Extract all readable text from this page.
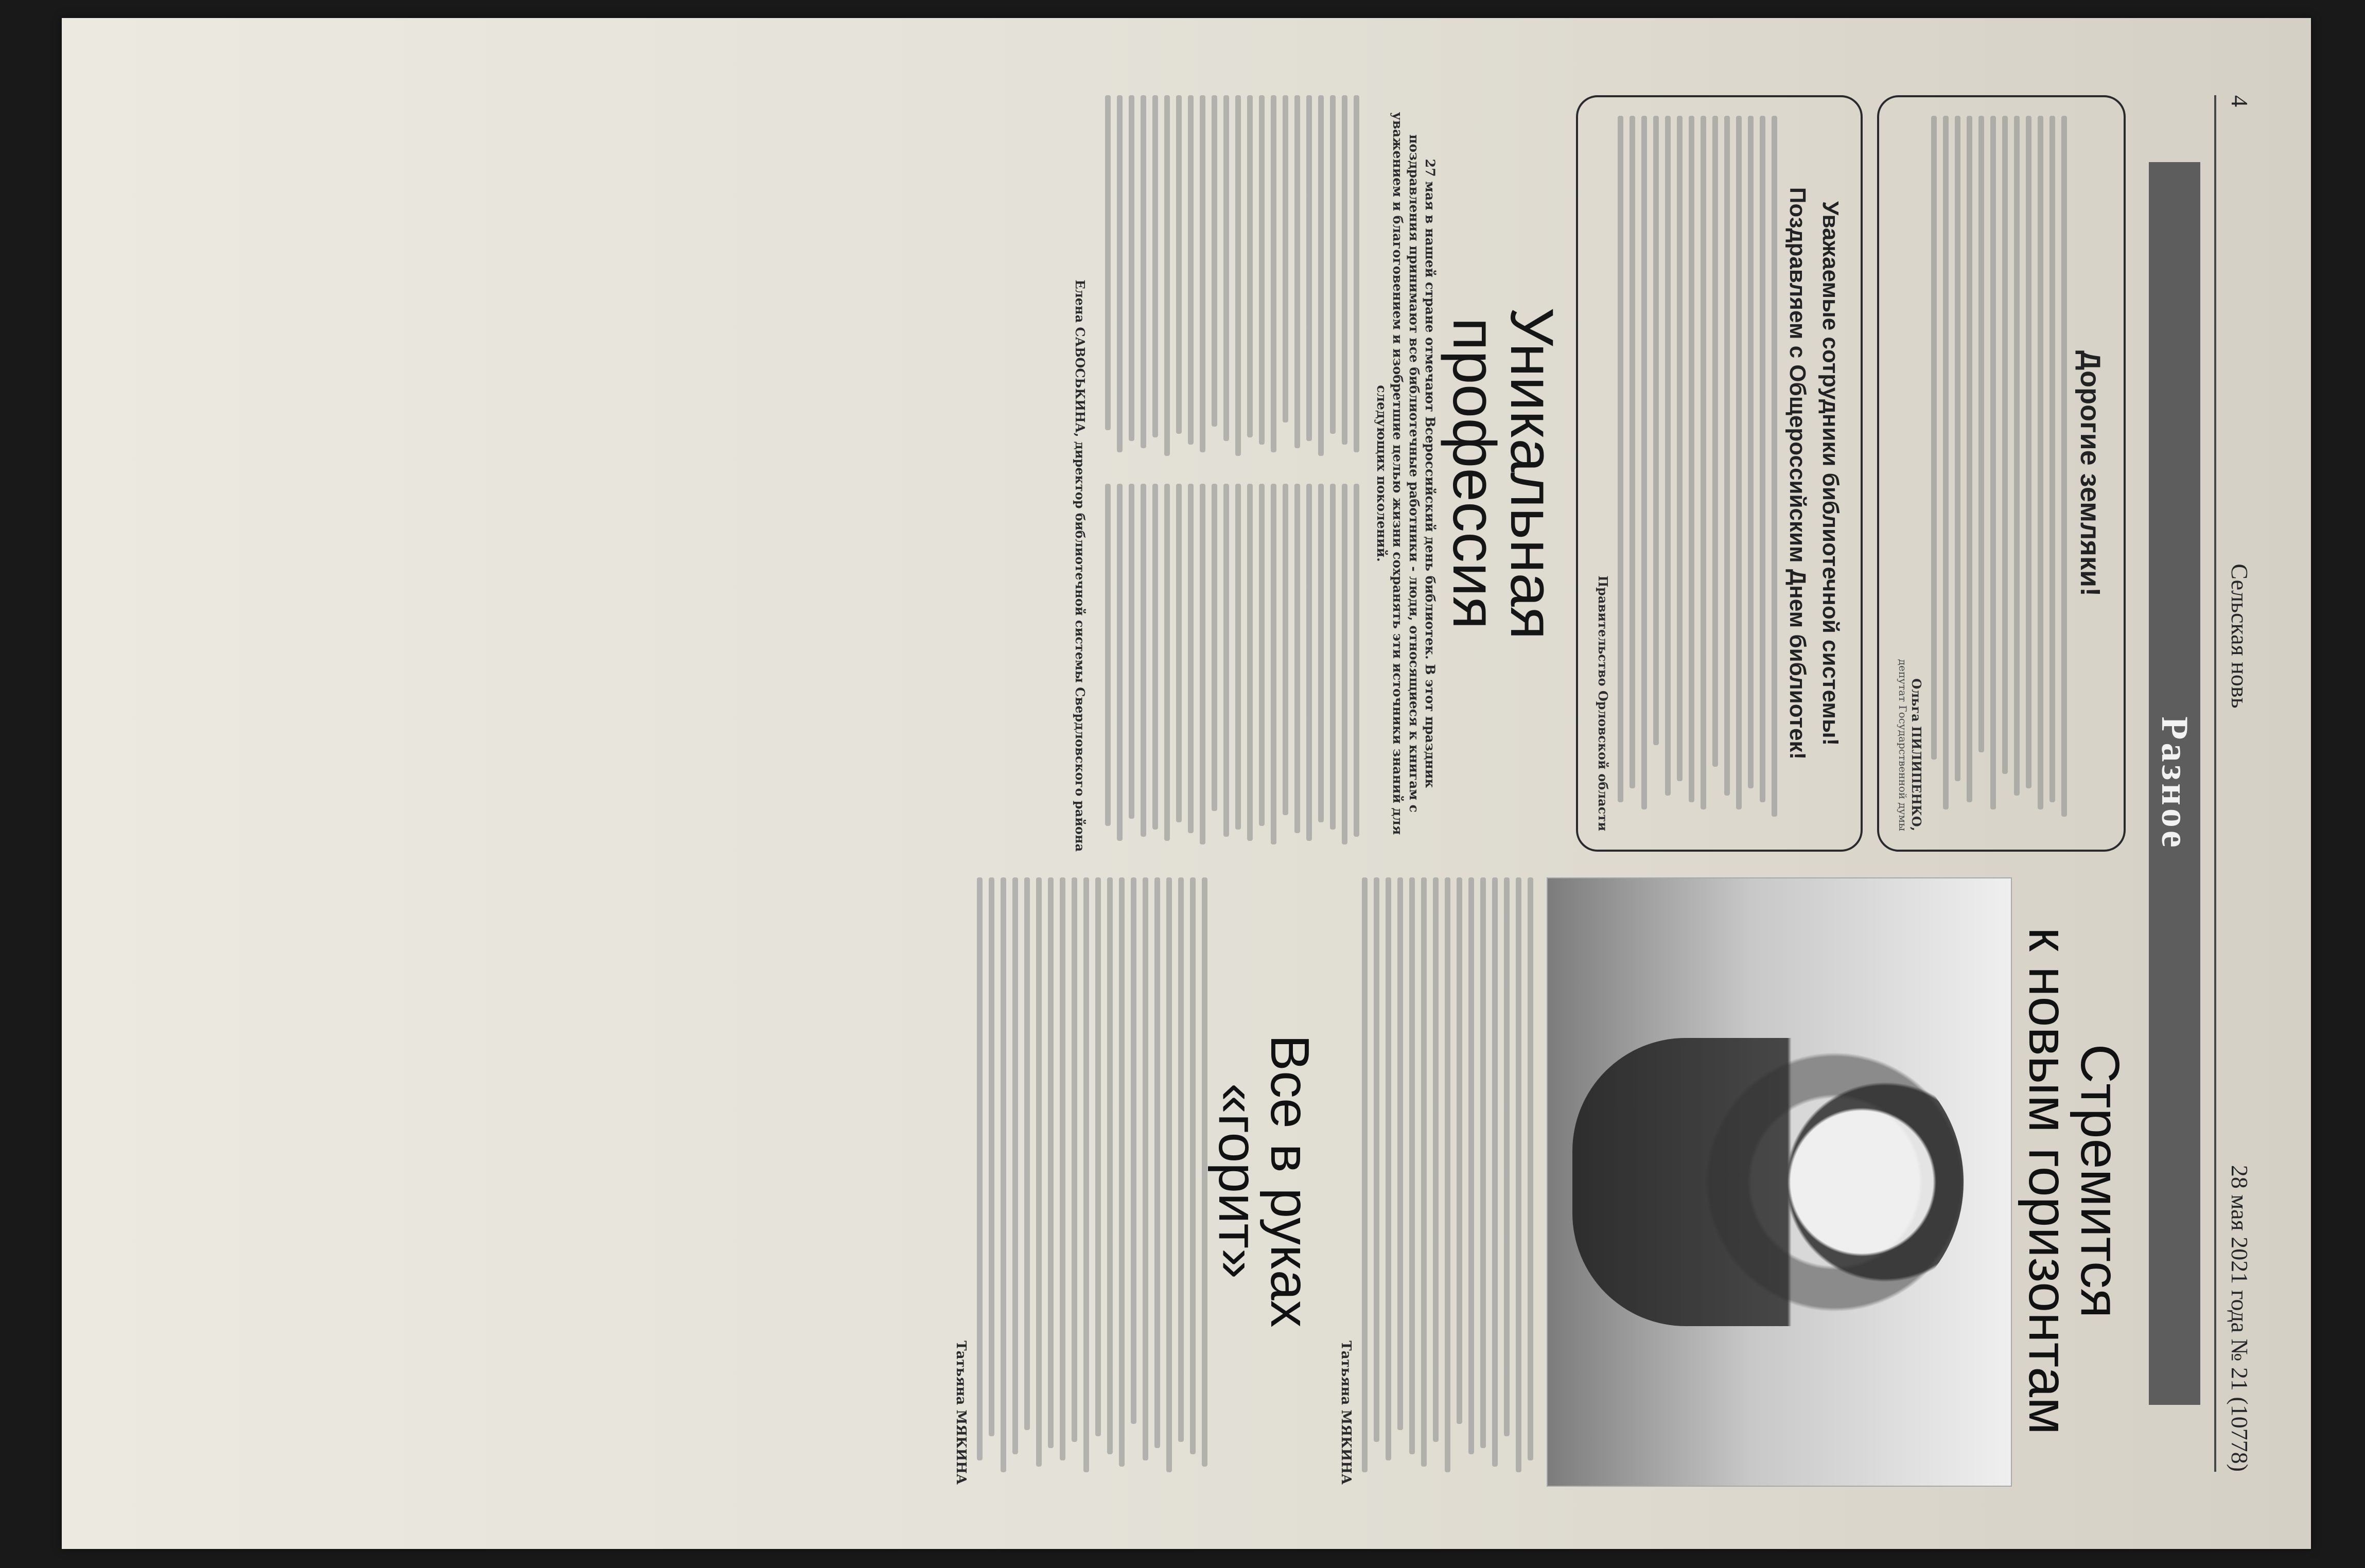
4
Сельская новь
28 мая 2021 года № 21 (10778)
Разное
Дорогие земляки!
Ольга ПИЛИПЕНКО,
депутат Государственной думы
Уважаемые сотрудники библиотечной системы!
Поздравляем с Общероссийским Днем библиотек!
Правительство Орловской области
Уникальная
профессия
27 мая в нашей стране отмечают Всероссийский день библиотек. В этот праздник поздравления принимают все библиотечные работники - люди, относящиеся к книгам с уважением и благоговением и изобретшие целью жизни сохранять эти источники знаний для следующих поколений.
Елена САВОСЬКИНА, директор библиотечной системы Свердловского района
Стремится
к новым горизонтам
Татьяна МЯКИНА
Все в руках
«горит»
Татьяна МЯКИНА
